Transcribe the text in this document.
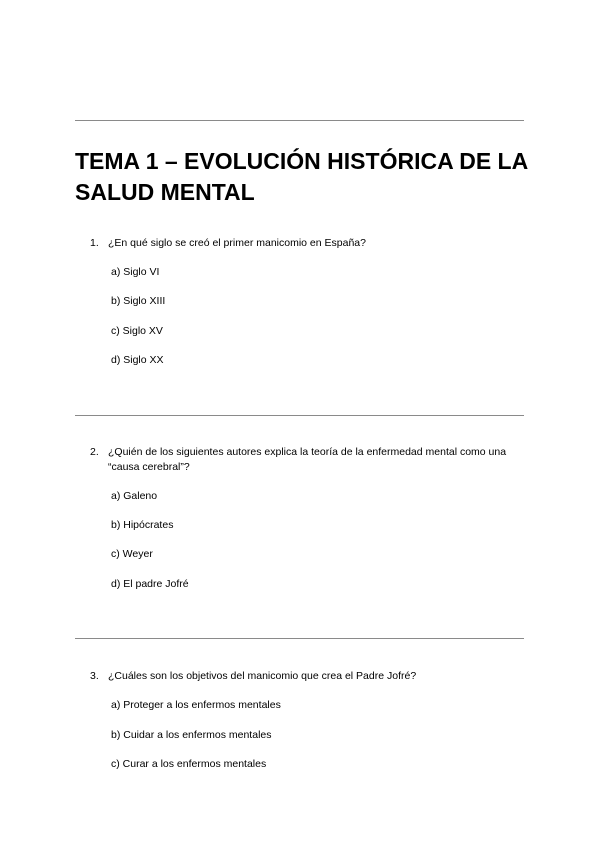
TEMA 1 – EVOLUCIÓN HISTÓRICA DE LA SALUD MENTAL
1. ¿En qué siglo se creó el primer manicomio en España?
a) Siglo VI
b) Siglo XIII
c) Siglo XV
d) Siglo XX
2. ¿Quién de los siguientes autores explica la teoría de la enfermedad mental como una “causa cerebral”?
a) Galeno
b) Hipócrates
c) Weyer
d) El padre Jofré
3. ¿Cuáles son los objetivos del manicomio que crea el Padre Jofré?
a) Proteger a los enfermos mentales
b) Cuidar a los enfermos mentales
c) Curar a los enfermos mentales
